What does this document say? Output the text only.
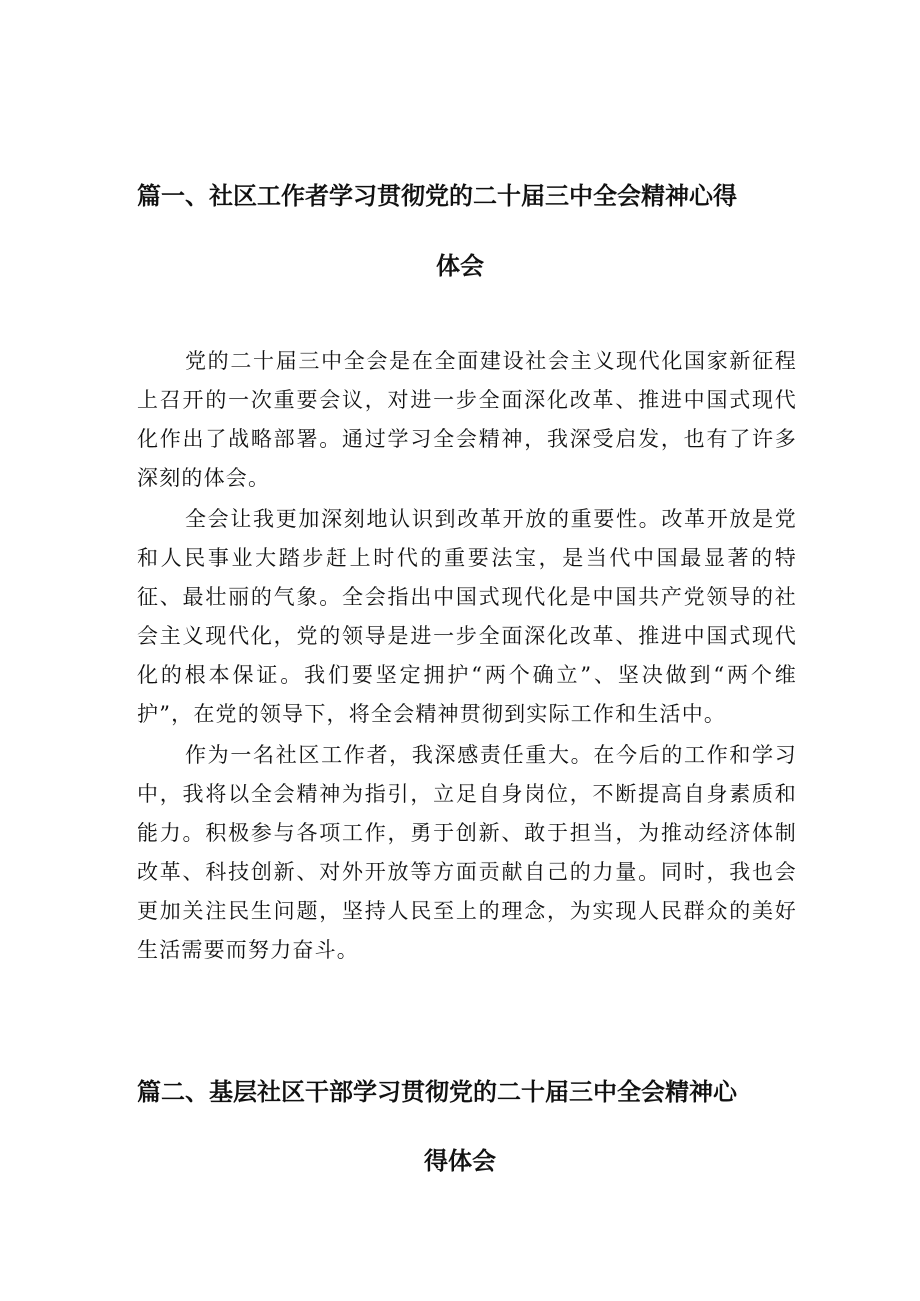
篇一、社区工作者学习贯彻党的二十届三中全会精神心得
体会

党的二十届三中全会是在全面建设社会主义现代化国家新征程上召开的一次重要会议，对进一步全面深化改革、推进中国式现代化作出了战略部署。通过学习全会精神，我深受启发，也有了许多深刻的体会。

全会让我更加深刻地认识到改革开放的重要性。改革开放是党和人民事业大踏步赶上时代的重要法宝，是当代中国最显著的特征、最壮丽的气象。全会指出中国式现代化是中国共产党领导的社会主义现代化，党的领导是进一步全面深化改革、推进中国式现代化的根本保证。我们要坚定拥护“两个确立”、坚决做到“两个维护”，在党的领导下，将全会精神贯彻到实际工作和生活中。

作为一名社区工作者，我深感责任重大。在今后的工作和学习中，我将以全会精神为指引，立足自身岗位，不断提高自身素质和能力。积极参与各项工作，勇于创新、敢于担当，为推动经济体制改革、科技创新、对外开放等方面贡献自己的力量。同时，我也会更加关注民生问题，坚持人民至上的理念，为实现人民群众的美好生活需要而努力奋斗。

篇二、基层社区干部学习贯彻党的二十届三中全会精神心
得体会
